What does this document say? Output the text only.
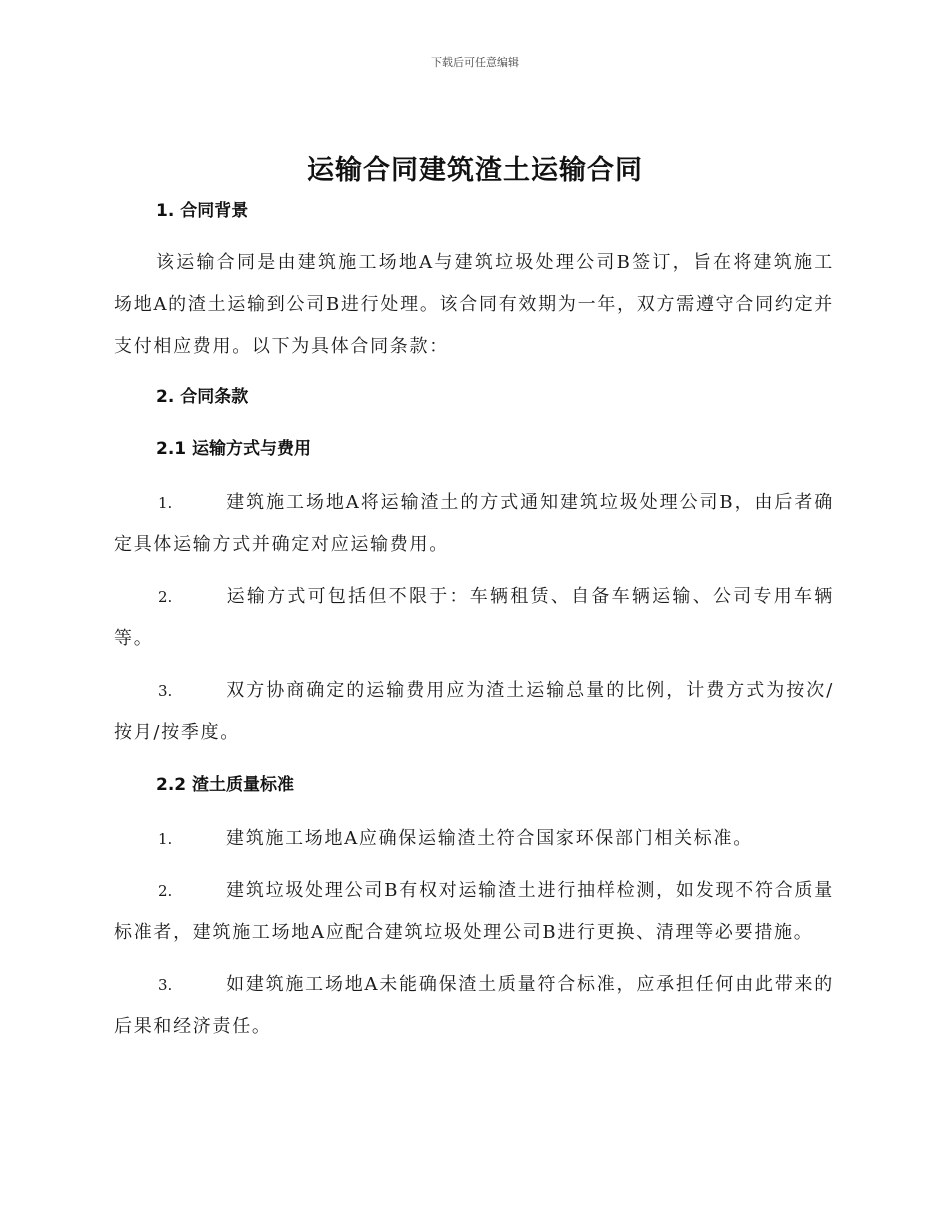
下载后可任意编辑
运输合同建筑渣土运输合同

1. 合同背景

该运输合同是由建筑施工场地A与建筑垃圾处理公司B签订，旨在将建筑施工场地A的渣土运输到公司B进行处理。该合同有效期为一年，双方需遵守合同约定并支付相应费用。以下为具体合同条款：

2. 合同条款

2.1 运输方式与费用

1.	建筑施工场地A将运输渣土的方式通知建筑垃圾处理公司B，由后者确定具体运输方式并确定对应运输费用。

2.	运输方式可包括但不限于：车辆租赁、自备车辆运输、公司专用车辆等。

3.	双方协商确定的运输费用应为渣土运输总量的比例，计费方式为按次/按月/按季度。

2.2 渣土质量标准

1.	建筑施工场地A应确保运输渣土符合国家环保部门相关标准。

2.	建筑垃圾处理公司B有权对运输渣土进行抽样检测，如发现不符合质量标准者，建筑施工场地A应配合建筑垃圾处理公司B进行更换、清理等必要措施。

3.	如建筑施工场地A未能确保渣土质量符合标准，应承担任何由此带来的后果和经济责任。
